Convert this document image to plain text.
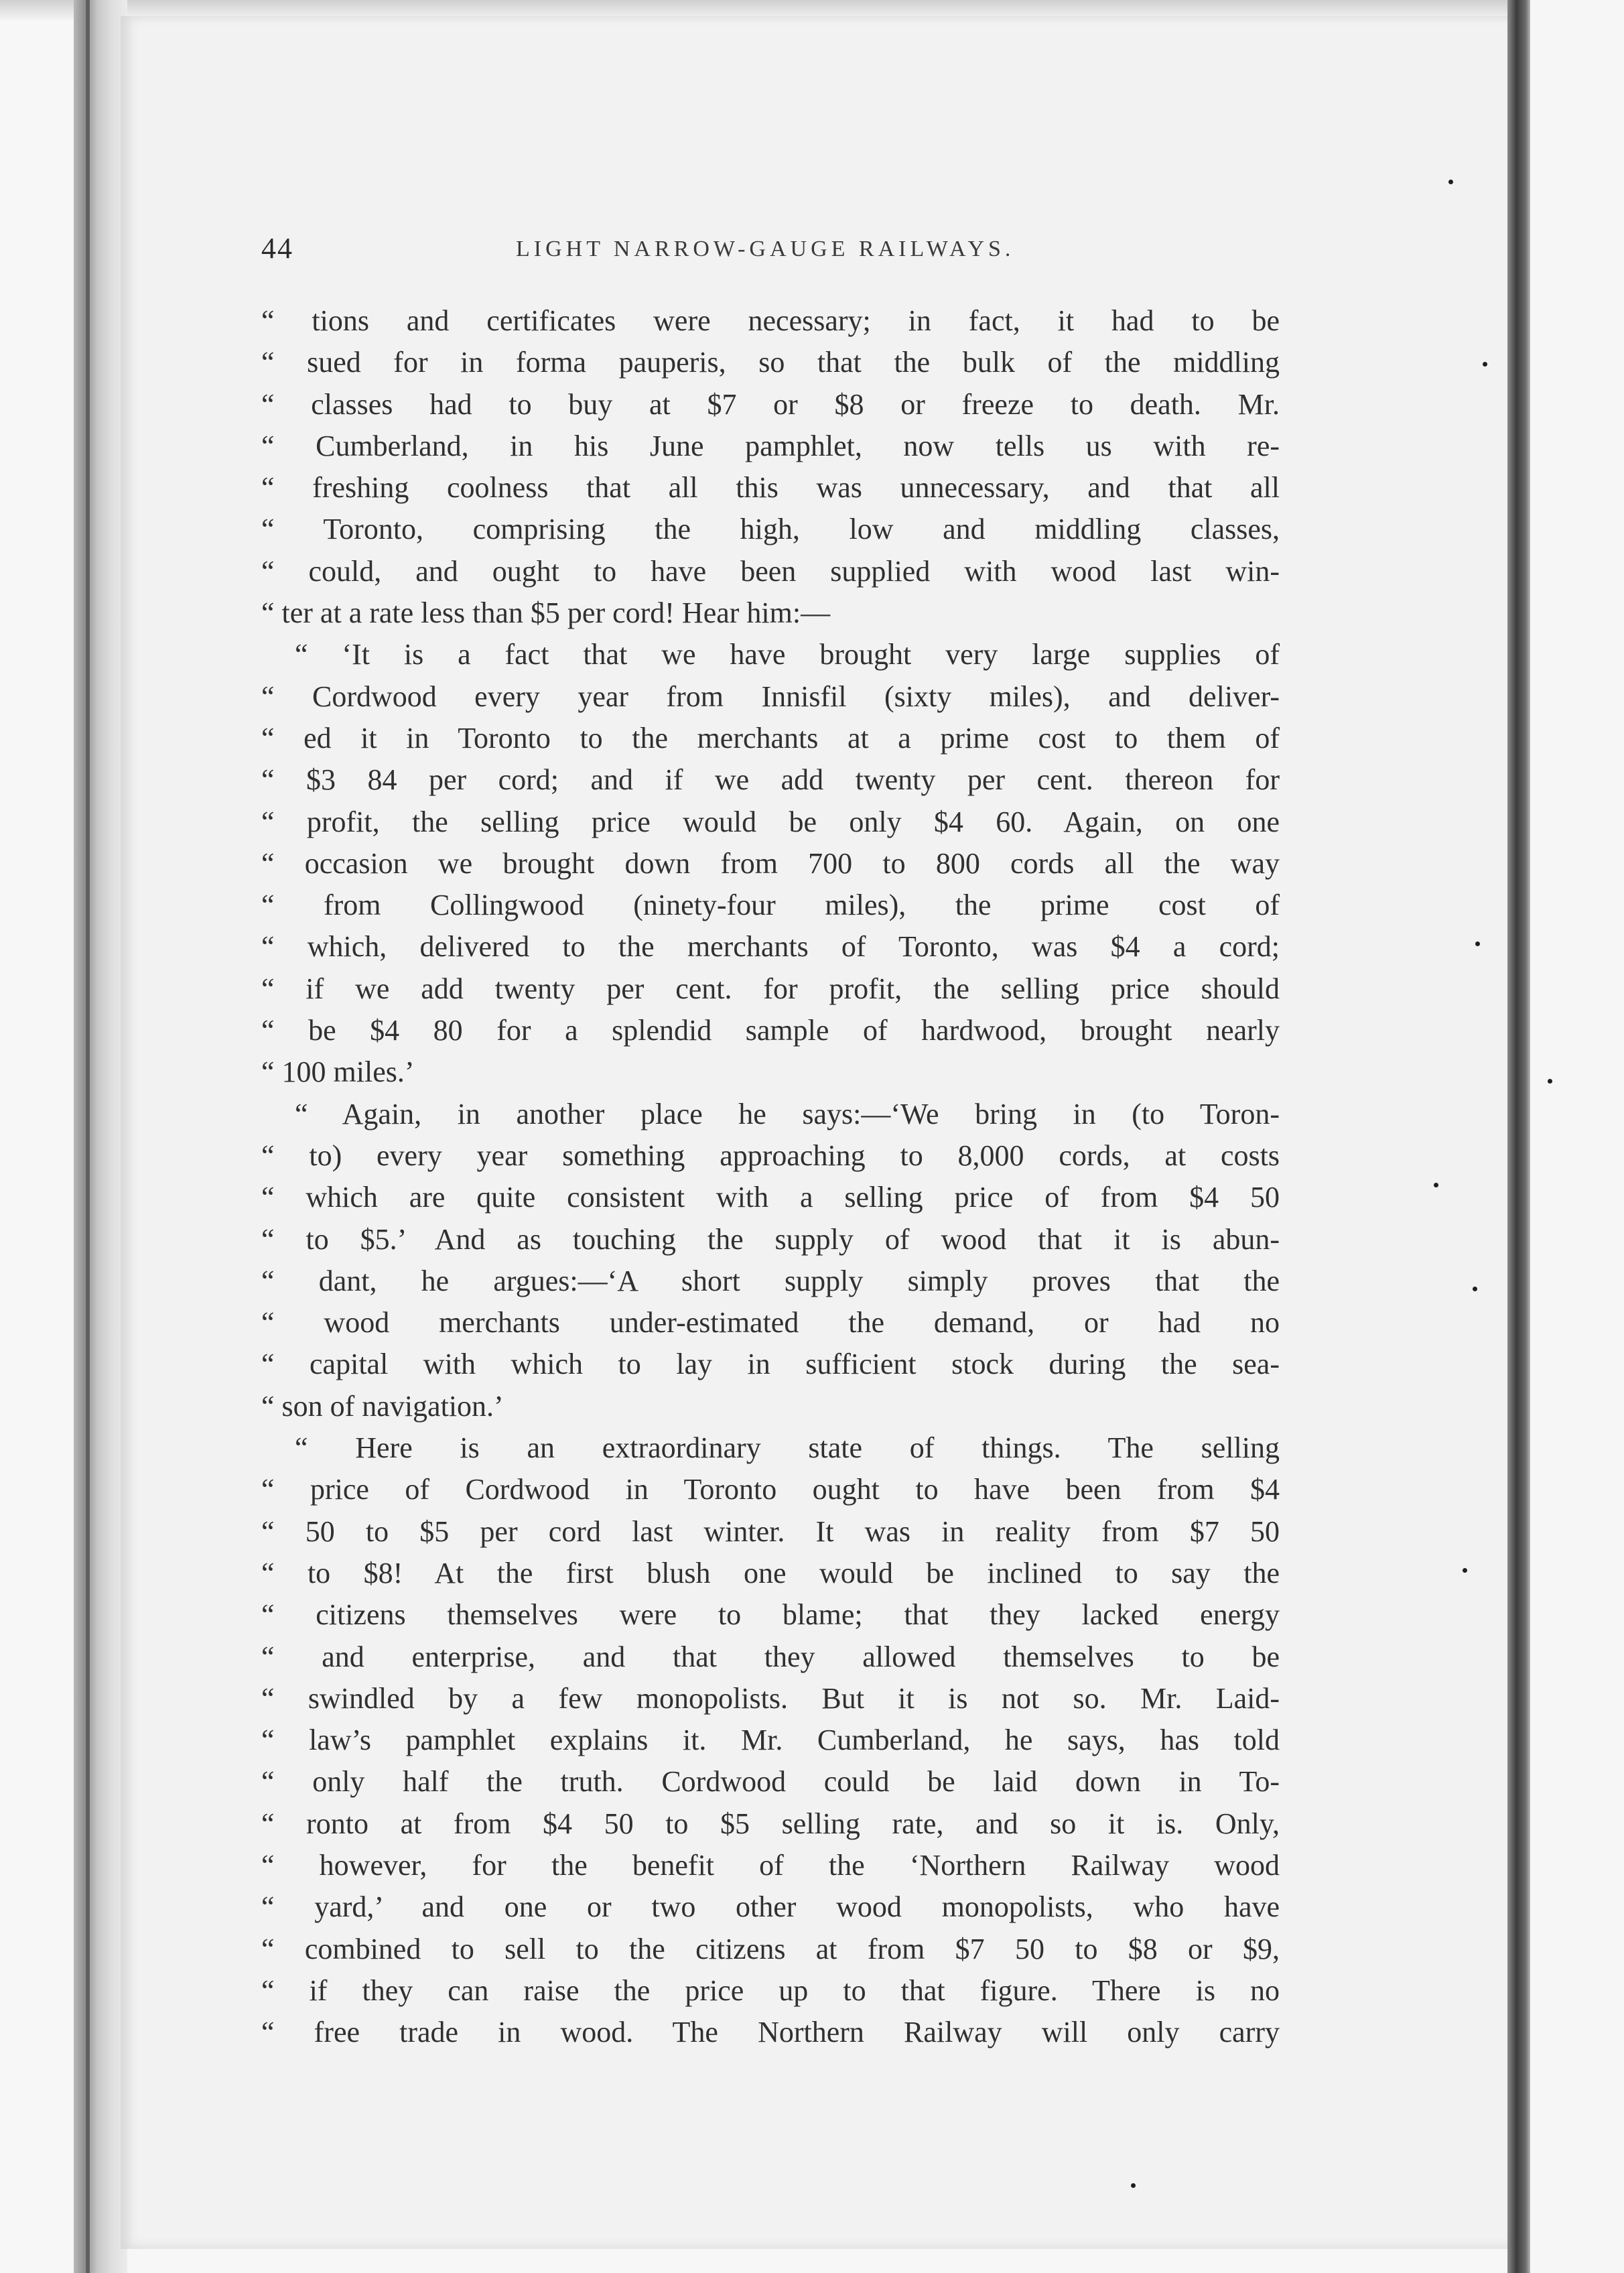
44	LIGHT NARROW-GAUGE RAILWAYS.
“ tions and certificates were necessary; in fact, it had to be
“ sued for in forma pauperis, so that the bulk of the middling
“ classes had to buy at $7 or $8 or freeze to death. Mr.
“ Cumberland, in his June pamphlet, now tells us with re-
“ freshing coolness that all this was unnecessary, and that all
“ Toronto, comprising the high, low and middling classes,
“ could, and ought to have been supplied with wood last win-
“ ter at a rate less than $5 per cord! Hear him:—
“ ‘It is a fact that we have brought very large supplies of
“ Cordwood every year from Innisfil (sixty miles), and deliver-
“ ed it in Toronto to the merchants at a prime cost to them of
“ $3 84 per cord; and if we add twenty per cent. thereon for
“ profit, the selling price would be only $4 60. Again, on one
“ occasion we brought down from 700 to 800 cords all the way
“ from Collingwood (ninety-four miles), the prime cost of
“ which, delivered to the merchants of Toronto, was $4 a cord;
“ if we add twenty per cent. for profit, the selling price should
“ be $4 80 for a splendid sample of hardwood, brought nearly
“ 100 miles.’
“ Again, in another place he says:—‘We bring in (to Toron-
“ to) every year something approaching to 8,000 cords, at costs
“ which are quite consistent with a selling price of from $4 50
“ to $5.’ And as touching the supply of wood that it is abun-
“ dant, he argues:—‘A short supply simply proves that the
“ wood merchants under-estimated the demand, or had no
“ capital with which to lay in sufficient stock during the sea-
“ son of navigation.’
“ Here is an extraordinary state of things. The selling
“ price of Cordwood in Toronto ought to have been from $4
“ 50 to $5 per cord last winter. It was in reality from $7 50
“ to $8! At the first blush one would be inclined to say the
“ citizens themselves were to blame; that they lacked energy
“ and enterprise, and that they allowed themselves to be
“ swindled by a few monopolists. But it is not so. Mr. Laid-
“ law’s pamphlet explains it. Mr. Cumberland, he says, has told
“ only half the truth. Cordwood could be laid down in To-
“ ronto at from $4 50 to $5 selling rate, and so it is. Only,
“ however, for the benefit of the ‘Northern Railway wood
“ yard,’ and one or two other wood monopolists, who have
“ combined to sell to the citizens at from $7 50 to $8 or $9,
“ if they can raise the price up to that figure. There is no
“ free trade in wood. The Northern Railway will only carry
